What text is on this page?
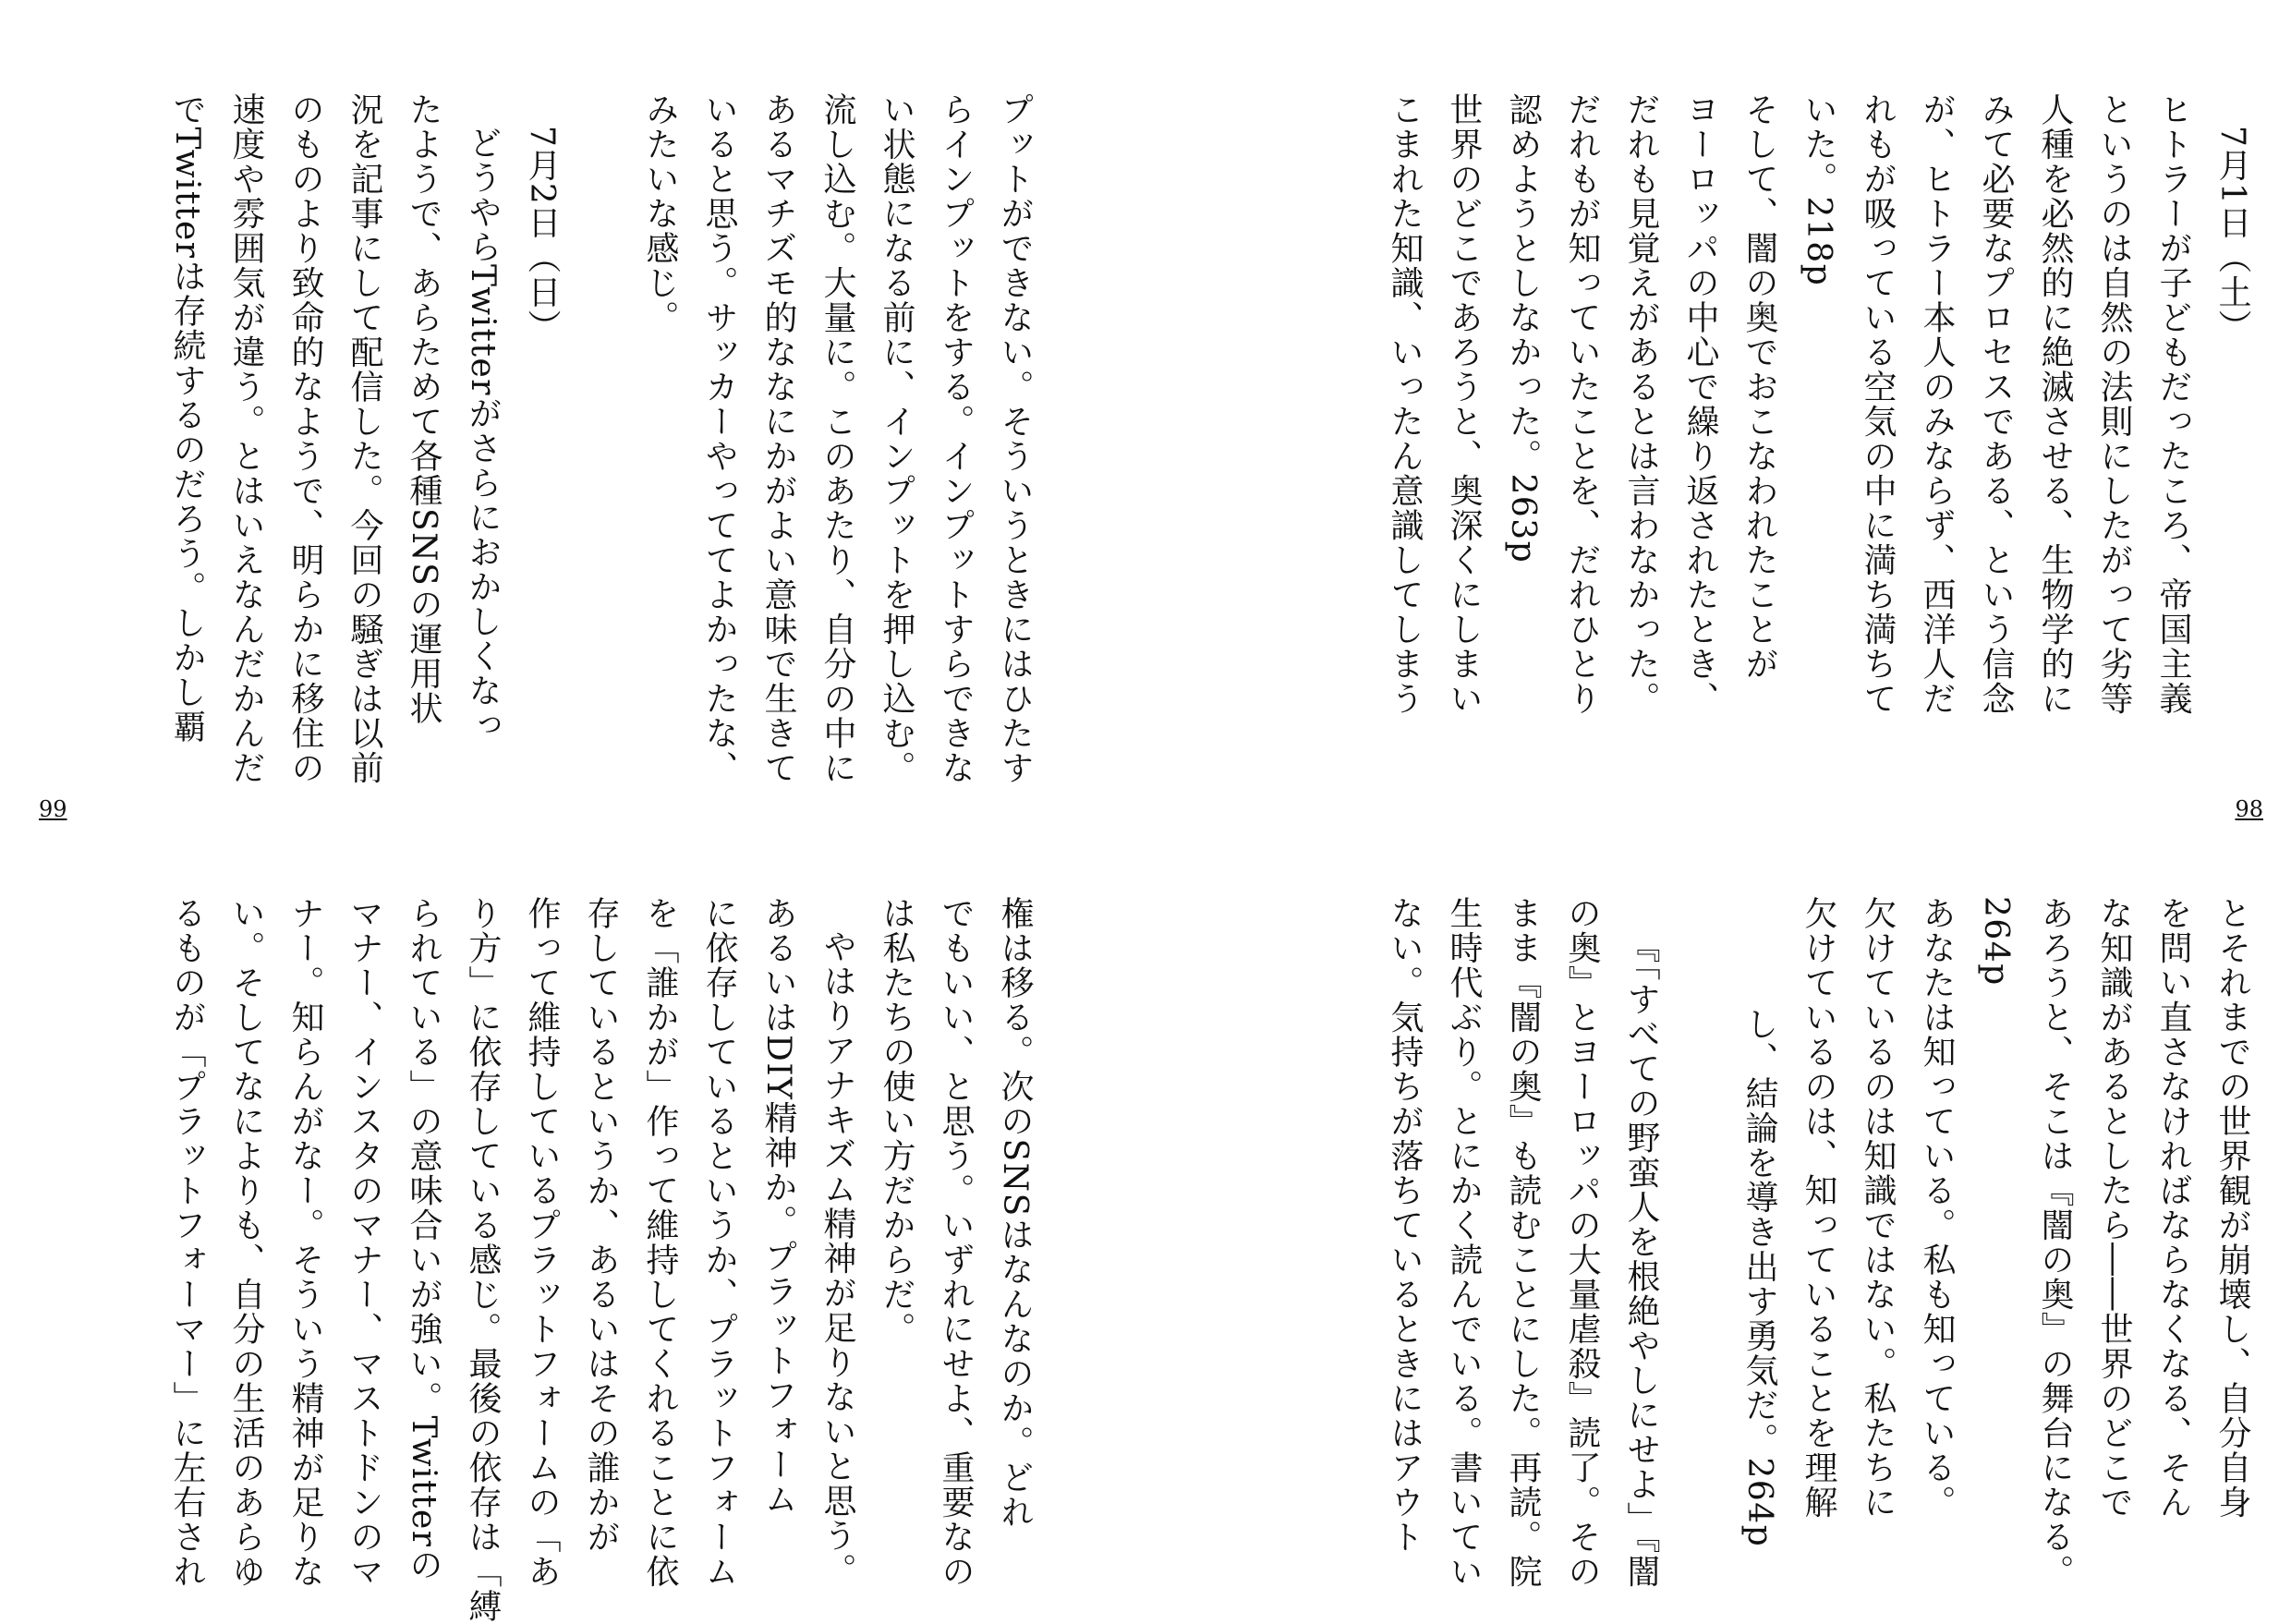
プットができない。そういうときにはひたす
らインプットをする。インプットすらできな
い状態になる前に、インプットを押し込む。
流し込む。大量に。このあたり、自分の中に
あるマチズモ的ななにかがよい意味で生きて
いると思う。サッカーやっててよかったな、
みたいな感じ。

7月2日（日）
どうやらTwitterがさらにおかしくなっ
たようで、あらためて各種SNSの運用状
況を記事にして配信した。今回の騒ぎは以前
のものより致命的なようで、明らかに移住の
速度や雰囲気が違う。とはいえなんだかんだ
でTwitterは存続するのだろう。しかし覇
権は移る。次のSNSはなんなのか。どれ
でもいい、と思う。いずれにせよ、重要なの
は私たちの使い方だからだ。
やはりアナキズム精神が足りないと思う。
あるいはDIY精神か。プラットフォーム
に依存しているというか、プラットフォーム
を「誰かが」作って維持してくれることに依
存しているというか、あるいはその誰かが
作って維持しているプラットフォームの「あ
り方」に依存している感じ。最後の依存は「縛
られている」の意味合いが強い。Twitterの
マナー、インスタのマナー、マストドンのマ
ナー。知らんがなー。そういう精神が足りな
い。そしてなによりも、自分の生活のあらゆ
るものが「プラットフォーマー」に左右され
99
7月1日（土）
ヒトラーが子どもだったころ、帝国主義
というのは自然の法則にしたがって劣等
人種を必然的に絶滅させる、生物学的に
みて必要なプロセスである、という信念
が、ヒトラー本人のみならず、西洋人だ
れもが吸っている空気の中に満ち満ちて
いた。218p
そして、闇の奥でおこなわれたことが
ヨーロッパの中心で繰り返されたとき、
だれも見覚えがあるとは言わなかった。
だれもが知っていたことを、だれひとり
認めようとしなかった。263p
世界のどこであろうと、奥深くにしまい
こまれた知識、いったん意識してしまう
とそれまでの世界観が崩壊し、自分自身
を問い直さなければならなくなる、そん
な知識があるとしたら――世界のどこで
あろうと、そこは『闇の奥』の舞台になる。
264p
あなたは知っている。私も知っている。
欠けているのは知識ではない。私たちに
欠けているのは、知っていることを理解
し、結論を導き出す勇気だ。264p

『「すべての野蛮人を根絶やしにせよ」『闇
の奥』とヨーロッパの大量虐殺』読了。その
まま『闇の奥』も読むことにした。再読。院
生時代ぶり。とにかく読んでいる。書いてい
ない。気持ちが落ちているときにはアウト
98
